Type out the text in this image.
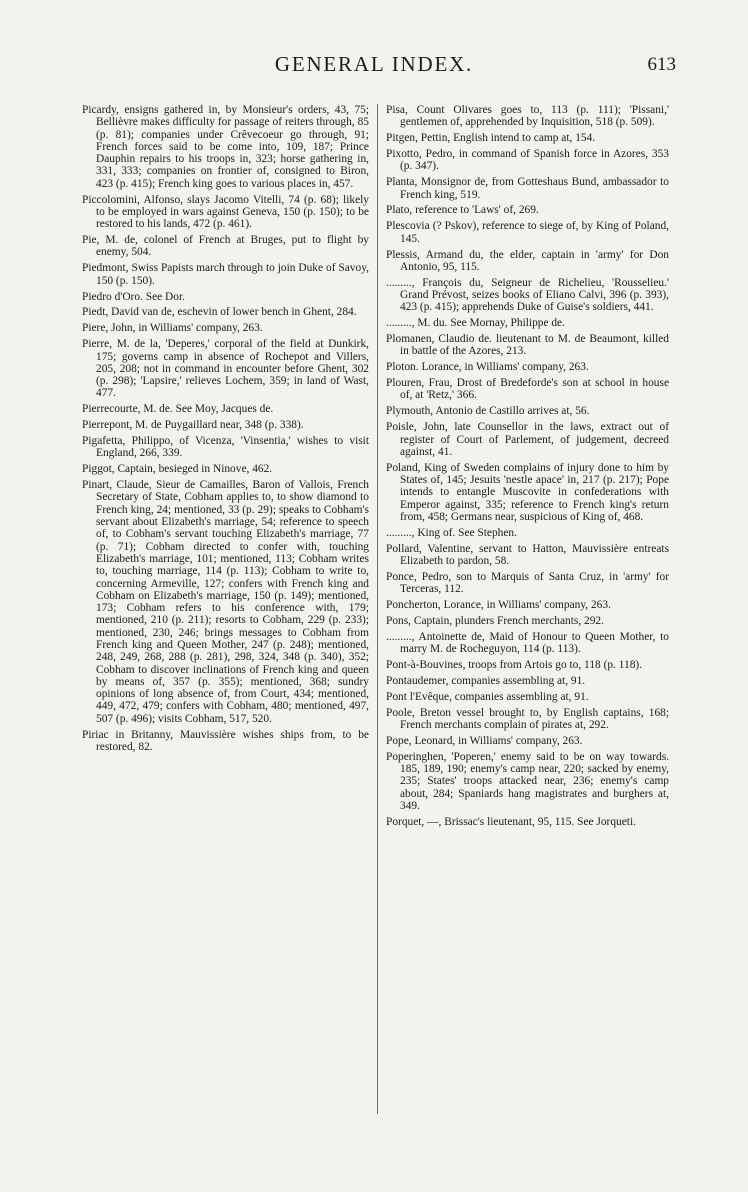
GENERAL INDEX.	613

Picardy, ensigns gathered in, by Monsieur's orders, 43, 75; Bellièvre makes difficulty for passage of reiters through, 85 (p. 81); companies under Crêvecoeur go through, 91; French forces said to be come into, 109, 187; Prince Dauphin repairs to his troops in, 323; horse gathering in, 331, 333; companies on frontier of, consigned to Biron, 423 (p. 415); French king goes to various places in, 457.

Piccolomini, Alfonso, slays Jacomo Vitelli, 74 (p. 68); likely to be employed in wars against Geneva, 150 (p. 150); to be restored to his lands, 472 (p. 461).

Pie, M. de, colonel of French at Bruges, put to flight by enemy, 504.

Piedmont, Swiss Papists march through to join Duke of Savoy, 150 (p. 150).

Piedro d'Oro. See Dor.

Piedt, David van de, eschevin of lower bench in Ghent, 284.

Piere, John, in Williams' company, 263.

Pierre, M. de la, 'Deperes,' corporal of the field at Dunkirk, 175; governs camp in absence of Rochepot and Villers, 205, 208; not in command in encounter before Ghent, 302 (p. 298); 'Lapsire,' relieves Lochem, 359; in land of Wast, 477.

Pierrecourte, M. de. See Moy, Jacques de.

Pierrepont, M. de Puygaillard near, 348 (p. 338).

Pigafetta, Philippo, of Vicenza, 'Vinsentia,' wishes to visit England, 266, 339.

Piggot, Captain, besieged in Ninove, 462.

Pinart, Claude, Sieur de Camailles, Baron of Vallois, French Secretary of State, Cobham applies to, to show diamond to French king, 24; mentioned, 33 (p. 29); speaks to Cobham's servant about Elizabeth's marriage, 54; reference to speech of, to Cobham's servant touching Elizabeth's marriage, 77 (p. 71); Cobham directed to confer with, touching Elizabeth's marriage, 101; mentioned, 113; Cobham writes to, touching marriage, 114 (p. 113); Cobham to write to, concerning Armeville, 127; confers with French king and Cobham on Elizabeth's marriage, 150 (p. 149); mentioned, 173; Cobham refers to his conference with, 179; mentioned, 210 (p. 211); resorts to Cobham, 229 (p. 233); mentioned, 230, 246; brings messages to Cobham from French king and Queen Mother, 247 (p. 248); mentioned, 248, 249, 268, 288 (p. 281), 298, 324, 348 (p. 340), 352; Cobham to discover inclinations of French king and queen by means of, 357 (p. 355); mentioned, 368; sundry opinions of long absence of, from Court, 434; mentioned, 449, 472, 479; confers with Cobham, 480; mentioned, 497, 507 (p. 496); visits Cobham, 517, 520.

Piriac in Britanny, Mauvissière wishes ships from, to be restored, 82.

Pisa, Count Olivares goes to, 113 (p. 111); 'Pissani,' gentlemen of, apprehended by Inquisition, 518 (p. 509).

Pitgen, Pettin, English intend to camp at, 154.

Pixotto, Pedro, in command of Spanish force in Azores, 353 (p. 347).

Planta, Monsignor de, from Gotteshaus Bund, ambassador to French king, 519.

Plato, reference to 'Laws' of, 269.

Plescovia (? Pskov), reference to siege of, by King of Poland, 145.

Plessis, Armand du, the elder, captain in 'army' for Don Antonio, 95, 115.

........., François du, Seigneur de Richelieu, 'Rousselieu.' Grand Prévost, seizes books of Eliano Calvi, 396 (p. 393), 423 (p. 415); apprehends Duke of Guise's soldiers, 441.

........., M. du. See Mornay, Philippe de.

Plomanen, Claudio de. lieutenant to M. de Beaumont, killed in battle of the Azores, 213.

Ploton. Lorance, in Williams' company, 263.

Plouren, Frau, Drost of Bredeforde's son at school in house of, at 'Retz,' 366.

Plymouth, Antonio de Castillo arrives at, 56.

Poisle, John, late Counsellor in the laws, extract out of register of Court of Parlement, of judgement, decreed against, 41.

Poland, King of Sweden complains of injury done to him by States of, 145; Jesuits 'nestle apace' in, 217 (p. 217); Pope intends to entangle Muscovite in confederations with Emperor against, 335; reference to French king's return from, 458; Germans near, suspicious of King of, 468.

........., King of. See Stephen.

Pollard, Valentine, servant to Hatton, Mauvissière entreats Elizabeth to pardon, 58.

Ponce, Pedro, son to Marquis of Santa Cruz, in 'army' for Terceras, 112.

Poncherton, Lorance, in Williams' company, 263.

Pons, Captain, plunders French merchants, 292.

........., Antoinette de, Maid of Honour to Queen Mother, to marry M. de Rocheguyon, 114 (p. 113).

Pont-à-Bouvines, troops from Artois go to, 118 (p. 118).

Pontaudemer, companies assembling at, 91.

Pont l'Evêque, companies assembling at, 91.

Poole, Breton vessel brought to, by English captains, 168; French merchants complain of pirates at, 292.

Pope, Leonard, in Williams' company, 263.

Poperinghen, 'Poperen,' enemy said to be on way towards. 185, 189, 190; enemy's camp near, 220; sacked by enemy, 235; States' troops attacked near, 236; enemy's camp about, 284; Spaniards hang magistrates and burghers at, 349.

Porquet, —, Brissac's lieutenant, 95, 115. See Jorqueti.
